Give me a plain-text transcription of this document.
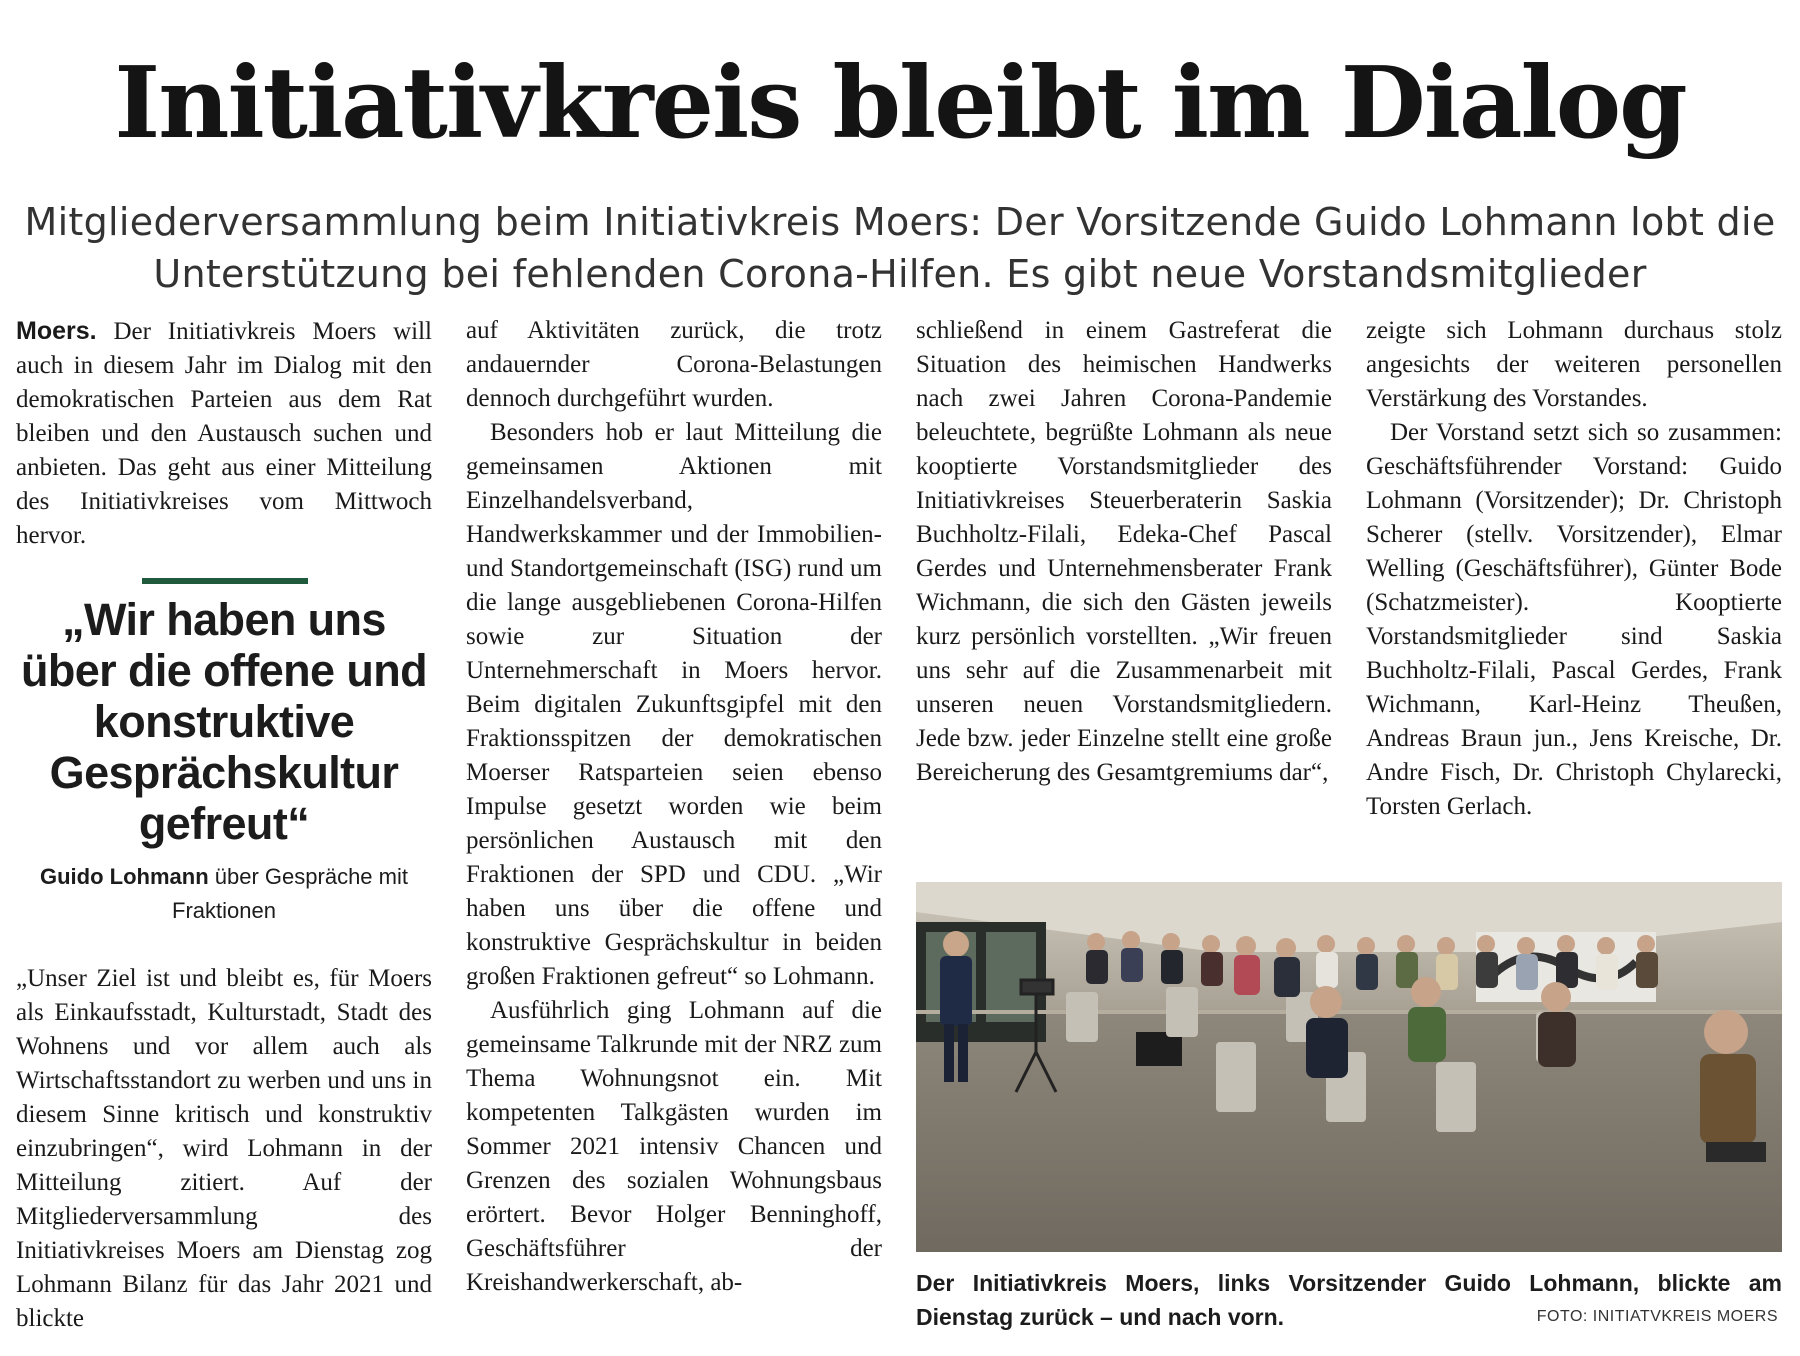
Initiativkreis bleibt im Dialog
Mitgliederversammlung beim Initiativkreis Moers: Der Vorsitzende Guido Lohmann lobt die
Unterstützung bei fehlenden Corona-Hilfen. Es gibt neue Vorstandsmitglieder

Moers. Der Initiativkreis Moers will auch in diesem Jahr im Dialog mit den demokratischen Parteien aus dem Rat bleiben und den Austausch suchen und anbieten. Das geht aus einer Mitteilung des Initiativkreises vom Mittwoch hervor.

„Wir haben uns über die offene und konstruktive Gesprächskultur gefreut“
Guido Lohmann über Gespräche mit Fraktionen

„Unser Ziel ist und bleibt es, für Moers als Einkaufsstadt, Kulturstadt, Stadt des Wohnens und vor allem auch als Wirtschaftsstandort zu werben und uns in diesem Sinne kritisch und konstruktiv einzubringen“, wird Lohmann in der Mitteilung zitiert. Auf der Mitgliederversammlung des Initiativkreises Moers am Dienstag zog Lohmann Bilanz für das Jahr 2021 und blickte

auf Aktivitäten zurück, die trotz andauernder Corona-Belastungen dennoch durchgeführt wurden.

Besonders hob er laut Mitteilung die gemeinsamen Aktionen mit Einzelhandelsverband, Handwerkskammer und der Immobilien- und Standortgemeinschaft (ISG) rund um die lange ausgebliebenen Corona-Hilfen sowie zur Situation der Unternehmerschaft in Moers hervor. Beim digitalen Zukunftsgipfel mit den Fraktionsspitzen der demokratischen Moerser Ratsparteien seien ebenso Impulse gesetzt worden wie beim persönlichen Austausch mit den Fraktionen der SPD und CDU. „Wir haben uns über die offene und konstruktive Gesprächskultur in beiden großen Fraktionen gefreut“ so Lohmann.

Ausführlich ging Lohmann auf die gemeinsame Talkrunde mit der NRZ zum Thema Wohnungsnot ein. Mit kompetenten Talkgästen wurden im Sommer 2021 intensiv Chancen und Grenzen des sozialen Wohnungsbaus erörtert. Bevor Holger Benninghoff, Geschäftsführer der Kreishandwerkerschaft, ab-

schließend in einem Gastreferat die Situation des heimischen Handwerks nach zwei Jahren Corona-Pandemie beleuchtete, begrüßte Lohmann als neue kooptierte Vorstandsmitglieder des Initiativkreises Steuerberaterin Saskia Buchholtz-Filali, Edeka-Chef Pascal Gerdes und Unternehmensberater Frank Wichmann, die sich den Gästen jeweils kurz persönlich vorstellten. „Wir freuen uns sehr auf die Zusammenarbeit mit unseren neuen Vorstandsmitgliedern. Jede bzw. jeder Einzelne stellt eine große Bereicherung des Gesamtgremiums dar“,

zeigte sich Lohmann durchaus stolz angesichts der weiteren personellen Verstärkung des Vorstandes.

Der Vorstand setzt sich so zusammen: Geschäftsführender Vorstand: Guido Lohmann (Vorsitzender); Dr. Christoph Scherer (stellv. Vorsitzender), Elmar Welling (Geschäftsführer), Günter Bode (Schatzmeister). Kooptierte Vorstandsmitglieder sind Saskia Buchholtz-Filali, Pascal Gerdes, Frank Wichmann, Karl-Heinz Theußen, Andreas Braun jun., Jens Kreische, Dr. Andre Fisch, Dr. Christoph Chylarecki, Torsten Gerlach.

Der Initiativkreis Moers, links Vorsitzender Guido Lohmann, blickte am Dienstag zurück – und nach vorn.	FOTO: INITIATVKREIS MOERS
